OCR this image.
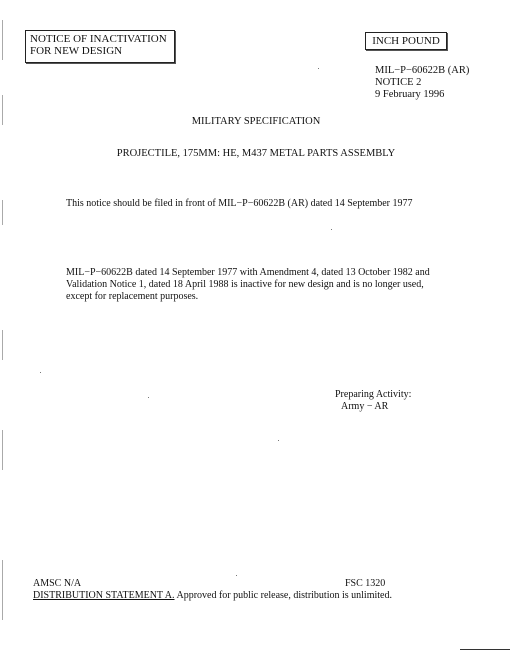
NOTICE OF INACTIVATION
FOR NEW DESIGN
INCH POUND
MIL−P−60622B (AR)
NOTICE 2
9 February 1996
MILITARY SPECIFICATION
PROJECTILE, 175MM: HE, M437 METAL PARTS ASSEMBLY
This notice should be filed in front of MIL−P−60622B (AR) dated 14 September 1977
MIL−P−60622B dated 14 September 1977 with Amendment 4, dated 13 October 1982 and
Validation Notice 1, dated 18 April 1988 is inactive for new design and is no longer used,
except for replacement purposes.
Preparing Activity:
Army − AR
AMSC N/A	FSC 1320
DISTRIBUTION STATEMENT A. Approved for public release, distribution is unlimited.
